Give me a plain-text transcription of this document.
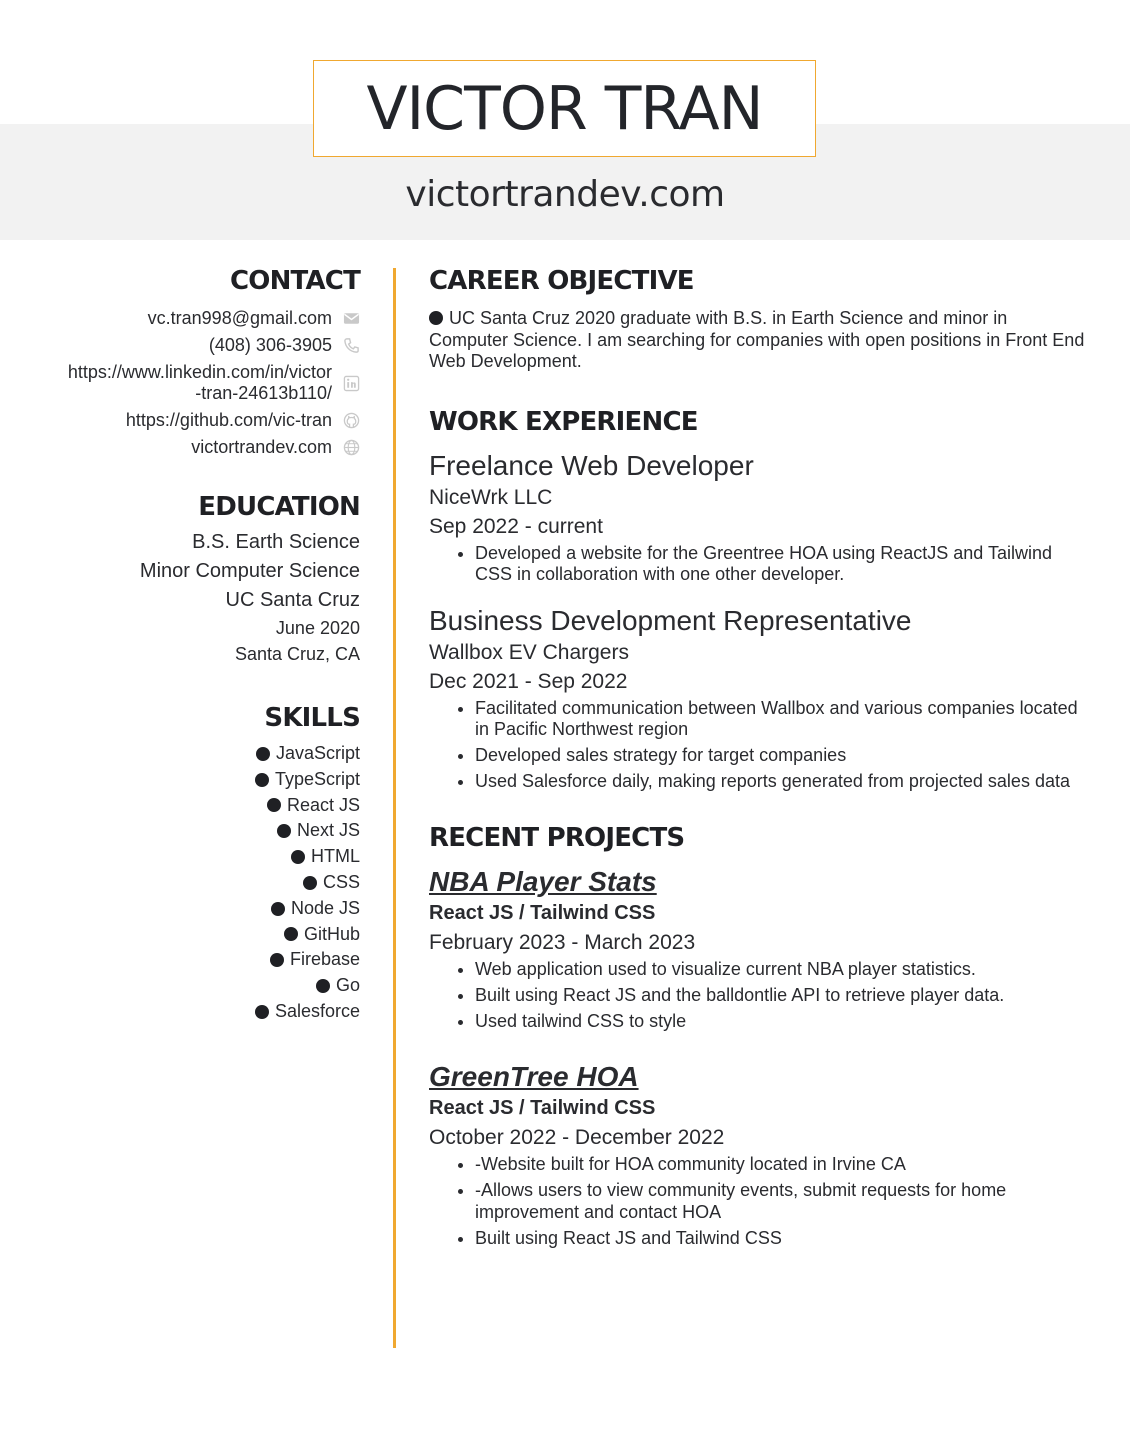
VICTOR TRAN
victortrandev.com
CONTACT
vc.tran998@gmail.com
(408) 306-3905
https://www.linkedin.com/in/victor
-tran-24613b110/
https://github.com/vic-tran
victortrandev.com
EDUCATION
B.S. Earth Science
Minor Computer Science
UC Santa Cruz
June 2020
Santa Cruz, CA
SKILLS
JavaScript
TypeScript
React JS
Next JS
HTML
CSS
Node JS
GitHub
Firebase
Go
Salesforce
CAREER OBJECTIVE
UC Santa Cruz 2020 graduate with B.S. in Earth Science and minor in Computer Science. I am searching for companies with open positions in Front End Web Development.
WORK EXPERIENCE
Freelance Web Developer
NiceWrk LLC
Sep 2022 - current
• Developed a website for the Greentree HOA using ReactJS and Tailwind CSS in collaboration with one other developer.
Business Development Representative
Wallbox EV Chargers
Dec 2021 - Sep 2022
• Facilitated communication between Wallbox and various companies located in Pacific Northwest region
• Developed sales strategy for target companies
• Used Salesforce daily, making reports generated from projected sales data
RECENT PROJECTS
NBA Player Stats
React JS / Tailwind CSS
February 2023 - March 2023
• Web application used to visualize current NBA player statistics.
• Built using React JS and the balldontlie API to retrieve player data.
• Used tailwind CSS to style
GreenTree HOA
React JS / Tailwind CSS
October 2022 - December 2022
• -Website built for HOA community located in Irvine CA
• -Allows users to view community events, submit requests for home improvement and contact HOA
• Built using React JS and Tailwind CSS
